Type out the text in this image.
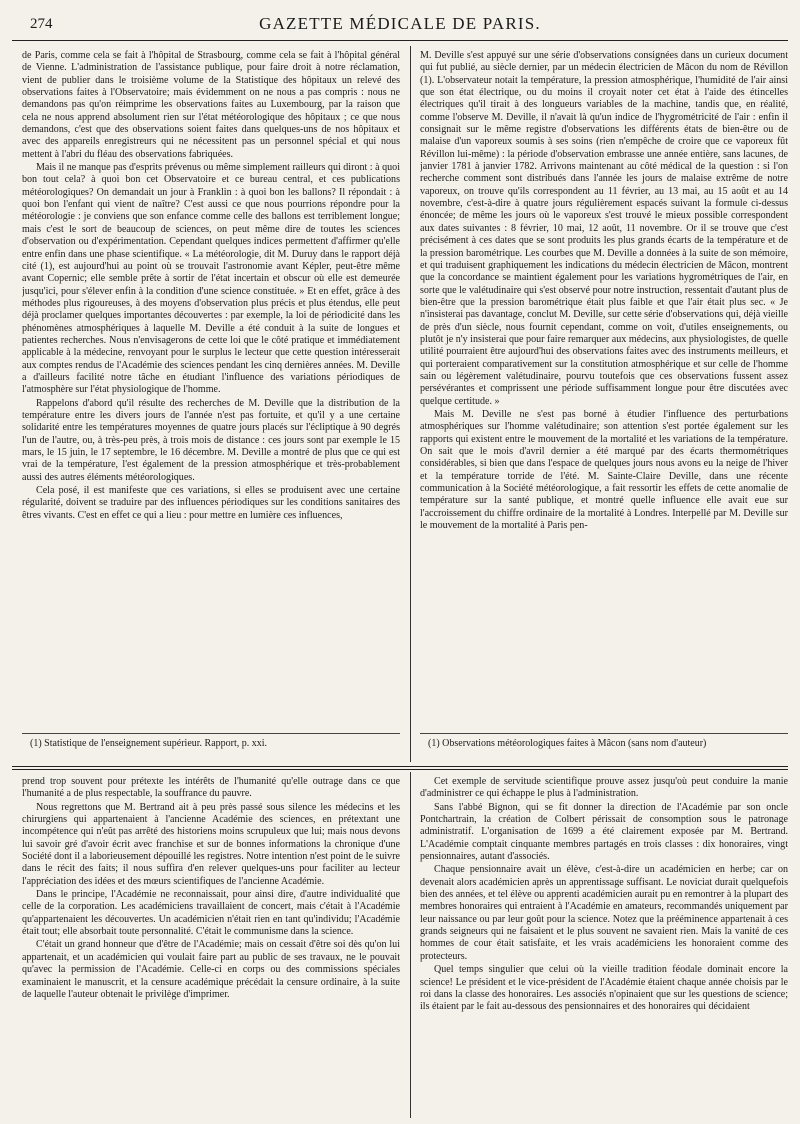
274	GAZETTE MÉDICALE DE PARIS.

de Paris, comme cela se fait à l'hôpital de Strasbourg, comme cela se fait à l'hôpital général de Vienne. L'administration de l'assistance publique, pour faire droit à notre réclamation, vient de publier dans le troisième volume de la Statistique des hôpitaux un relevé des observations faites à l'Observatoire; mais évidemment on ne nous a pas compris : nous ne demandons pas qu'on réimprime les observations faites au Luxembourg, par la raison que cela ne nous apprend absolument rien sur l'état météorologique des hôpitaux ; ce que nous demandons, c'est que des observations soient faites dans quelques-uns de nos hôpitaux et avec des appareils enregistreurs qui ne nécessitent pas un personnel spécial et qui nous mettent à l'abri du fléau des observations fabriquées.

Mais il ne manque pas d'esprits prévenus ou même simplement railleurs qui diront : à quoi bon tout cela? à quoi bon cet Observatoire et ce bureau central, et ces publications météorologiques? On demandait un jour à Franklin : à quoi bon les ballons? Il répondait : à quoi bon l'enfant qui vient de naître? C'est aussi ce que nous pourrions répondre pour la météorologie : je conviens que son enfance comme celle des ballons est terriblement longue; mais c'est le sort de beaucoup de sciences, on peut même dire de toutes les sciences d'observation ou d'expérimentation. Cependant quelques indices permettent d'affirmer qu'elle entre enfin dans une phase scientifique. « La météorologie, dit M. Duruy dans le rapport déjà cité (1), est aujourd'hui au point où se trouvait l'astronomie avant Képler, peut-être même avant Copernic; elle semble prête à sortir de l'état incertain et obscur où elle est demeurée jusqu'ici, pour s'élever enfin à la condition d'une science constituée. » Et en effet, grâce à des méthodes plus rigoureuses, à des moyens d'observation plus précis et plus étendus, elle peut déjà proclamer quelques importantes découvertes : par exemple, la loi de périodicité dans les phénomènes atmosphériques à laquelle M. Deville a été conduit à la suite de longues et patientes recherches. Nous n'envisagerons de cette loi que le côté pratique et immédiatement applicable à la médecine, renvoyant pour le surplus le lecteur que cette question intéresserait aux comptes rendus de l'Académie des sciences pendant les cinq dernières années. M. Deville a d'ailleurs facilité notre tâche en étudiant l'influence des variations périodiques de l'atmosphère sur l'état physiologique de l'homme.

Rappelons d'abord qu'il résulte des recherches de M. Deville que la distribution de la température entre les divers jours de l'année n'est pas fortuite, et qu'il y a une certaine solidarité entre les températures moyennes de quatre jours placés sur l'écliptique à 90 degrés l'un de l'autre, ou, à très-peu près, à trois mois de distance : ces jours sont par exemple le 15 mars, le 15 juin, le 17 septembre, le 16 décembre. M. Deville a montré de plus que ce qui est vrai de la température, l'est également de la pression atmosphérique et très-probablement aussi des autres éléments météorologiques.

Cela posé, il est manifeste que ces variations, si elles se produisent avec une certaine régularité, doivent se traduire par des influences périodiques sur les conditions sanitaires des êtres vivants. C'est en effet ce qui a lieu : pour mettre en lumière ces influences,

M. Deville s'est appuyé sur une série d'observations consignées dans un curieux document qui fut publié, au siècle dernier, par un médecin électricien de Mâcon du nom de Révillon (1). L'observateur notait la température, la pression atmosphérique, l'humidité de l'air ainsi que son état électrique, ou du moins il croyait noter cet état à l'aide des étincelles électriques qu'il tirait à des longueurs variables de la machine, tandis que, en réalité, comme l'observe M. Deville, il n'avait là qu'un indice de l'hygrométricité de l'air : enfin il consignait sur le même registre d'observations les différents états de bien-être ou de malaise d'un vaporeux soumis à ses soins (rien n'empêche de croire que ce vaporeux fût Révillon lui-même) : la période d'observation embrasse une année entière, sans lacunes, de janvier 1781 à janvier 1782. Arrivons maintenant au côté médical de la question : si l'on recherche comment sont distribués dans l'année les jours de malaise extrême de notre vaporeux, on trouve qu'ils correspondent au 11 février, au 13 mai, au 15 août et au 14 novembre, c'est-à-dire à quatre jours régulièrement espacés suivant la formule ci-dessus énoncée; de même les jours où le vaporeux s'est trouvé le mieux possible correspondent aux dates suivantes : 8 février, 10 mai, 12 août, 11 novembre. Or il se trouve que c'est précisément à ces dates que se sont produits les plus grands écarts de la température et de la pression barométrique. Les courbes que M. Deville a données à la suite de son mémoire, et qui traduisent graphiquement les indications du médecin électricien de Mâcon, montrent que la concordance se maintient également pour les variations hygrométriques de l'air, en sorte que le valétudinaire qui s'est observé pour notre instruction, ressentait d'autant plus de bien-être que la pression barométrique était plus faible et que l'air était plus sec. « Je n'insisterai pas davantage, conclut M. Deville, sur cette série d'observations qui, déjà vieille de près d'un siècle, nous fournit cependant, comme on voit, d'utiles enseignements, ou plutôt je n'y insisterai que pour faire remarquer aux médecins, aux physiologistes, de quelle utilité pourraient être aujourd'hui des observations faites avec des instruments meilleurs, et qui porteraient comparativement sur la constitution atmosphérique et sur celle de l'homme sain ou légèrement valétudinaire, pourvu toutefois que ces observations fussent assez persévérantes et comprissent une période suffisamment longue pour être discutées avec quelque certitude. »

Mais M. Deville ne s'est pas borné à étudier l'influence des perturbations atmosphériques sur l'homme valétudinaire; son attention s'est portée également sur les rapports qui existent entre le mouvement de la mortalité et les variations de la température. On sait que le mois d'avril dernier a été marqué par des écarts thermométriques considérables, si bien que dans l'espace de quelques jours nous avons eu la neige de l'hiver et la température torride de l'été. M. Sainte-Claire Deville, dans une récente communication à la Société météorologique, a fait ressortir les effets de cette anomalie de température sur la santé publique, et montré quelle influence elle avait eue sur l'accroissement du chiffre ordinaire de la mortalité à Londres. Interpellé par M. Deville sur le mouvement de la mortalité à Paris pen-

(1) Statistique de l'enseignement supérieur. Rapport, p. xxi.	(1) Observations météorologiques faites à Mâcon (sans nom d'auteur)

prend trop souvent pour prétexte les intérêts de l'humanité qu'elle outrage dans ce que l'humanité a de plus respectable, la souffrance du pauvre.

Nous regrettons que M. Bertrand ait à peu près passé sous silence les médecins et les chirurgiens qui appartenaient à l'ancienne Académie des sciences, en prétextant une incompétence qui n'eût pas arrêté des historiens moins scrupuleux que lui; mais nous devons lui savoir gré d'avoir écrit avec franchise et sur de bonnes informations la chronique d'une Société dont il a laborieusement dépouillé les registres. Notre intention n'est point de le suivre dans le récit des faits; il nous suffira d'en relever quelques-uns pour faciliter au lecteur l'appréciation des idées et des mœurs scientifiques de l'ancienne Académie.

Dans le principe, l'Académie ne reconnaissait, pour ainsi dire, d'autre individualité que celle de la corporation. Les académiciens travaillaient de concert, mais c'était à l'Académie qu'appartenaient les découvertes. Un académicien n'était rien en tant qu'individu; l'Académie était tout; elle absorbait toute personnalité. C'était le communisme dans la science.

C'était un grand honneur que d'être de l'Académie; mais on cessait d'être soi dès qu'on lui appartenait, et un académicien qui voulait faire part au public de ses travaux, ne le pouvait qu'avec la permission de l'Académie. Celle-ci en corps ou des commissions spéciales examinaient le manuscrit, et la censure académique précédait la censure ordinaire, à la suite de laquelle l'auteur obtenait le privilège d'imprimer.

Cet exemple de servitude scientifique prouve assez jusqu'où peut conduire la manie d'administrer ce qui échappe le plus à l'administration.

Sans l'abbé Bignon, qui se fit donner la direction de l'Académie par son oncle Pontchartrain, la création de Colbert périssait de consomption sous le patronage administratif. L'organisation de 1699 a été clairement exposée par M. Bertrand. L'Académie comptait cinquante membres partagés en trois classes : dix honoraires, vingt pensionnaires, autant d'associés.

Chaque pensionnaire avait un élève, c'est-à-dire un académicien en herbe; car on devenait alors académicien après un apprentissage suffisant. Le noviciat durait quelquefois bien des années, et tel élève ou apprenti académicien aurait pu en remontrer à la plupart des membres honoraires qui entraient à l'Académie en amateurs, recommandés uniquement par leur naissance ou par leur goût pour la science. Notez que la prééminence appartenait à ces grands seigneurs qui ne faisaient et le plus souvent ne savaient rien. Mais la vanité de ces hommes de cour était satisfaite, et les vrais académiciens les honoraient comme des protecteurs.

Quel temps singulier que celui où la vieille tradition féodale dominait encore la science! Le président et le vice-président de l'Académie étaient chaque année choisis par le roi dans la classe des honoraires. Les associés n'opinaient que sur les questions de science; ils étaient par le fait au-dessous des pensionnaires et des honoraires qui décidaient
